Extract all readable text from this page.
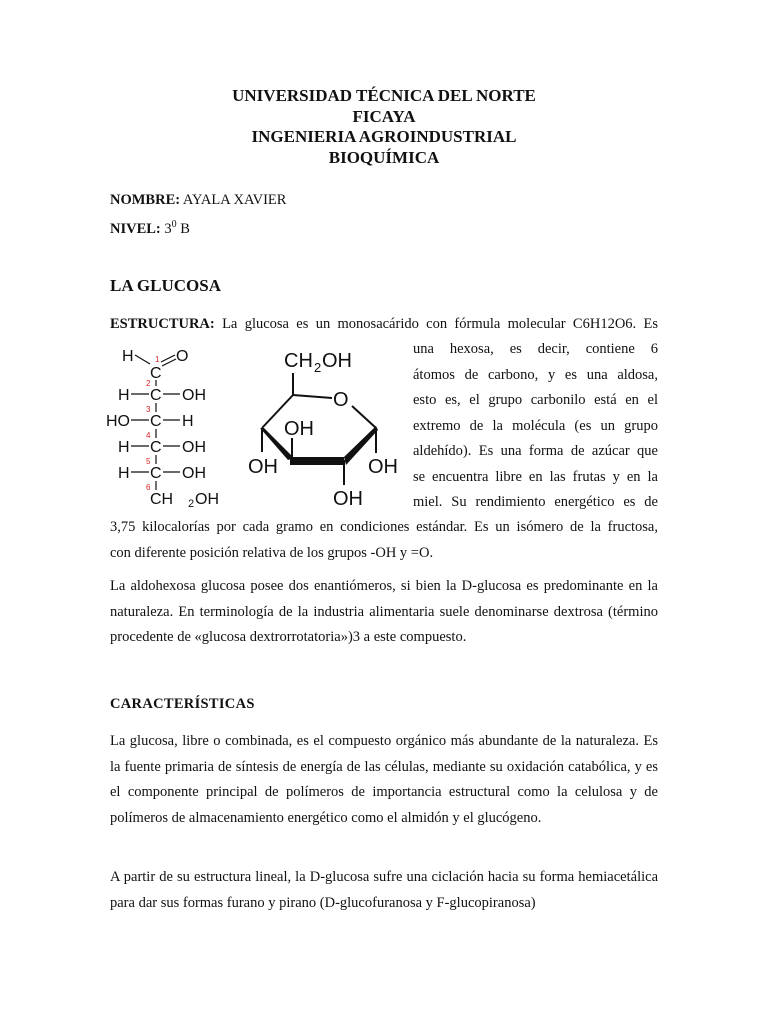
UNIVERSIDAD TÉCNICA DEL NORTE
FICAYA
INGENIERIA AGROINDUSTRIAL
BIOQUÍMICA
NOMBRE: AYALA XAVIER
NIVEL: $3^0$ B
LA GLUCOSA
ESTRUCTURA: La glucosa es un monosacárido con fórmula molecular C6H12O6. Es
H	O
C
H C OH
HO C H
H C OH
H C OH
CH 2 OH
1
2
3
4
5
6
CH 2 OH
O
OH
OH	OH
OH
una hexosa, es decir, contiene 6
átomos de carbono, y es una aldosa,
esto es, el grupo carbonilo está en el
extremo de la molécula (es un grupo
aldehído). Es una forma de azúcar que
se encuentra libre en las frutas y en la
miel. Su rendimiento energético es de
3,75 kilocalorías por cada gramo en condiciones estándar. Es un isómero de la fructosa,
con diferente posición relativa de los grupos -OH y =O.
La aldohexosa glucosa posee dos enantiómeros, si bien la D-glucosa es predominante en la naturaleza. En terminología de la industria alimentaria suele denominarse dextrosa (término procedente de «glucosa dextrorrotatoria»)3 a este compuesto.
CARACTERÍSTICAS
La glucosa, libre o combinada, es el compuesto orgánico más abundante de la naturaleza. Es la fuente primaria de síntesis de energía de las células, mediante su oxidación catabólica, y es el componente principal de polímeros de importancia estructural como la celulosa y de polímeros de almacenamiento energético como el almidón y el glucógeno.
A partir de su estructura lineal, la D-glucosa sufre una ciclación hacia su forma hemiacetálica para dar sus formas furano y pirano (D-glucofuranosa y F-glucopiranosa)
